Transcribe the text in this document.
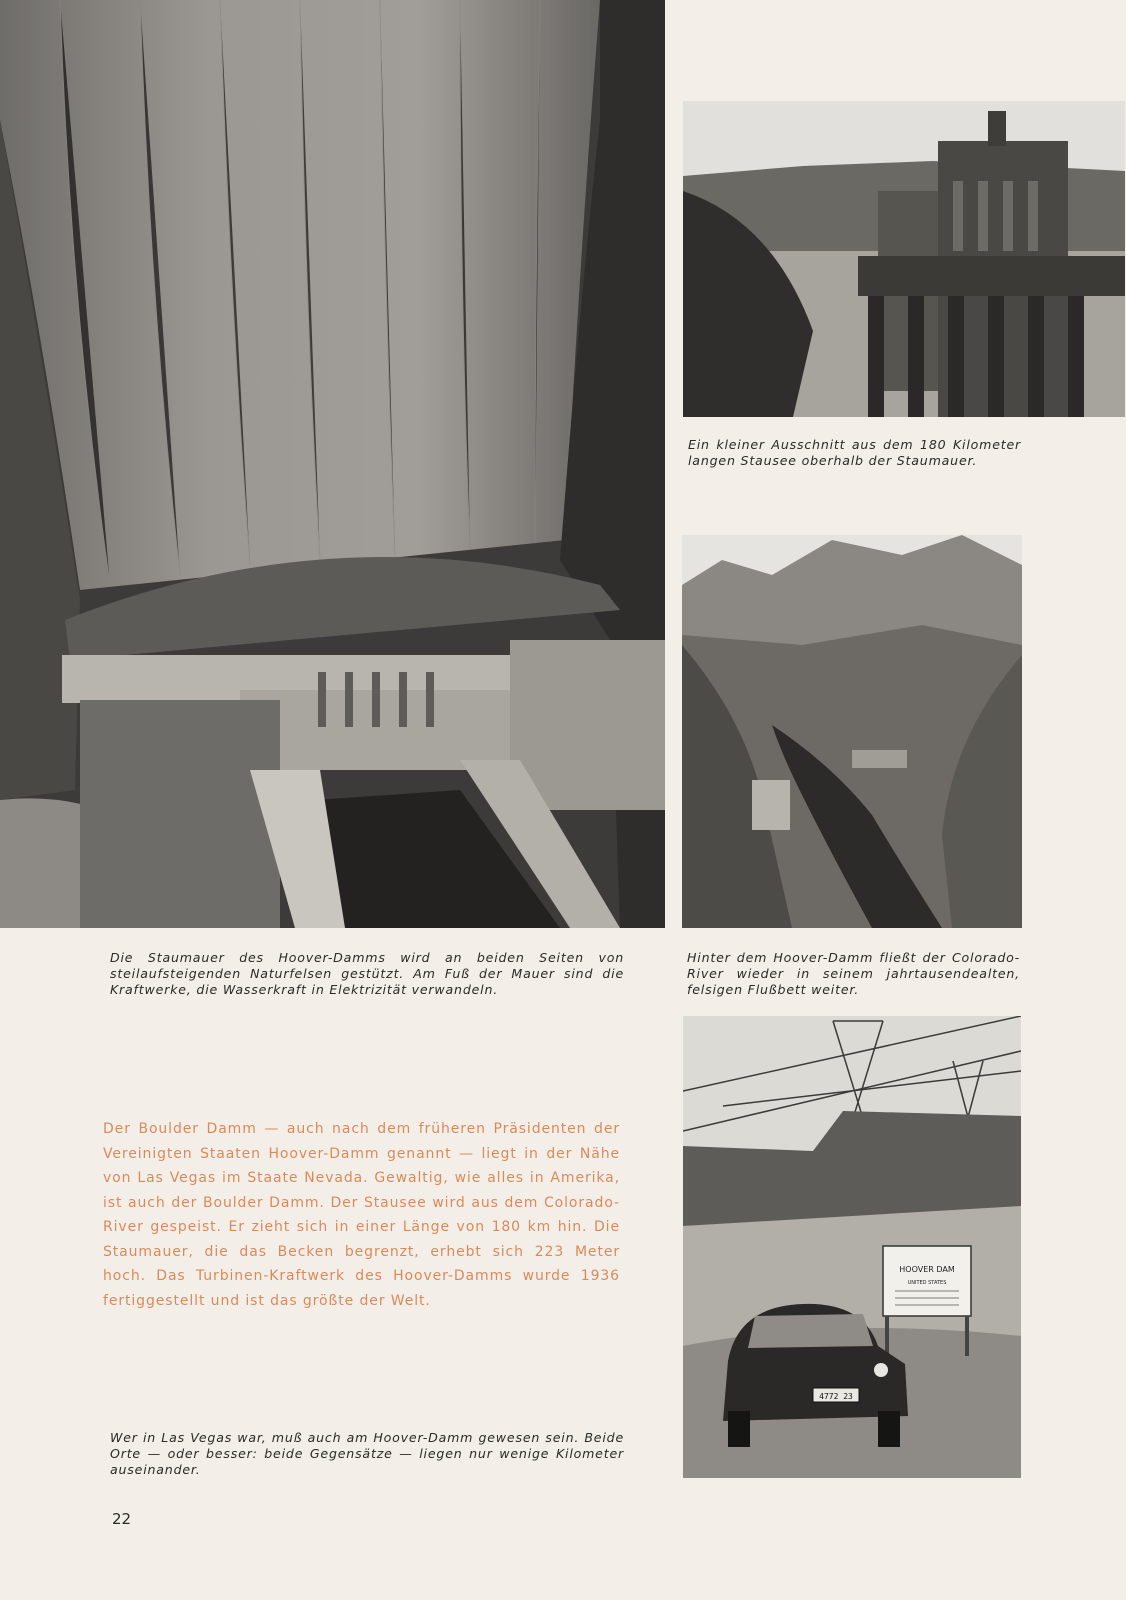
Ein kleiner Ausschnitt aus dem 180 Kilometer langen Stausee oberhalb der Staumauer.

Die Staumauer des Hoover-Damms wird an beiden Seiten von steilaufsteigenden Naturfelsen gestützt. Am Fuß der Mauer sind die Kraftwerke, die Wasserkraft in Elektrizität verwandeln.

Hinter dem Hoover-Damm fließt der Colorado-River wieder in seinem jahrtausendealten, felsigen Flußbett weiter.

HOOVER DAM
UNITED STATES
4772 23
Der Boulder Damm — auch nach dem früheren Präsidenten der Vereinigten Staaten Hoover-Damm genannt — liegt in der Nähe von Las Vegas im Staate Nevada. Gewaltig, wie alles in Amerika, ist auch der Boulder Damm. Der Stausee wird aus dem Colorado-River gespeist. Er zieht sich in einer Länge von 180 km hin. Die Staumauer, die das Becken begrenzt, erhebt sich 223 Meter hoch. Das Turbinen-Kraftwerk des Hoover-Damms wurde 1936 fertiggestellt und ist das größte der Welt.

Wer in Las Vegas war, muß auch am Hoover-Damm gewesen sein. Beide Orte — oder besser: beide Gegensätze — liegen nur wenige Kilometer auseinander.

22
